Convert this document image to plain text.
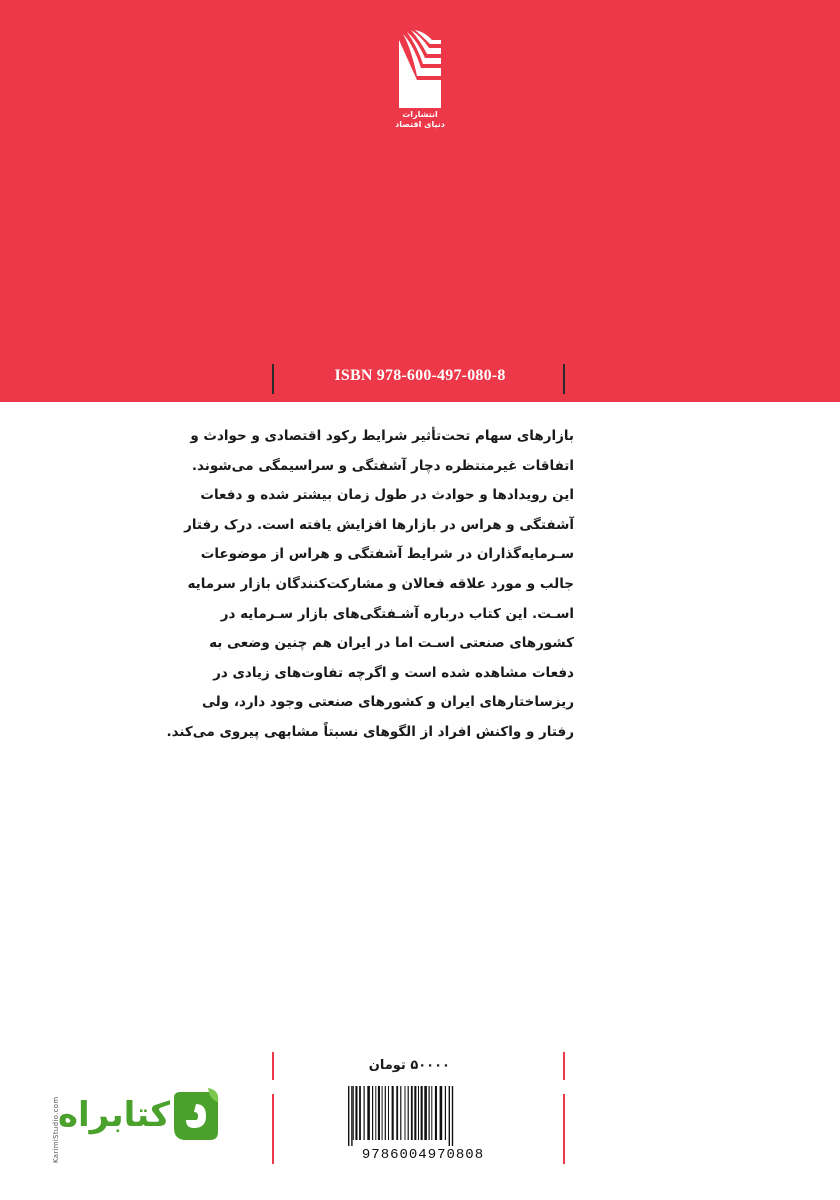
انتشارات
دنیای اقتصاد
ISBN 978-600-497-080-8
بازارهای سهام تحت‌تأثیر شرایط رکود اقتصادی و حوادث و
اتفاقات غیرمنتظره دچار آشفتگی و سراسیمگی می‌شوند.
این رویدادها و حوادث در طول زمان بیشتر شده و دفعات
آشفتگی و هراس در بازارها افزایش یافته است. درک رفتار
سـرمایه‌گذاران در شرایط آشفتگی و هراس از موضوعات
جالب و مورد علاقه فعالان و مشارکت‌کنندگان بازار سرمایه
اسـت. این کتاب درباره آشـفتگی‌های بازار سـرمایه در
کشورهای صنعتی اسـت اما در ایران هم چنین وضعی به
دفعات مشاهده شده است و اگرچه تفاوت‌های زیادی در
ریزساختارهای ایران و کشورهای صنعتی وجود دارد، ولی
رفتار و واکنش افراد از الگوهای نسبتاً مشابهی پیروی می‌کند.
۵۰۰۰۰ تومان
9786004970808
KarimiStudio.com
کتابراه
